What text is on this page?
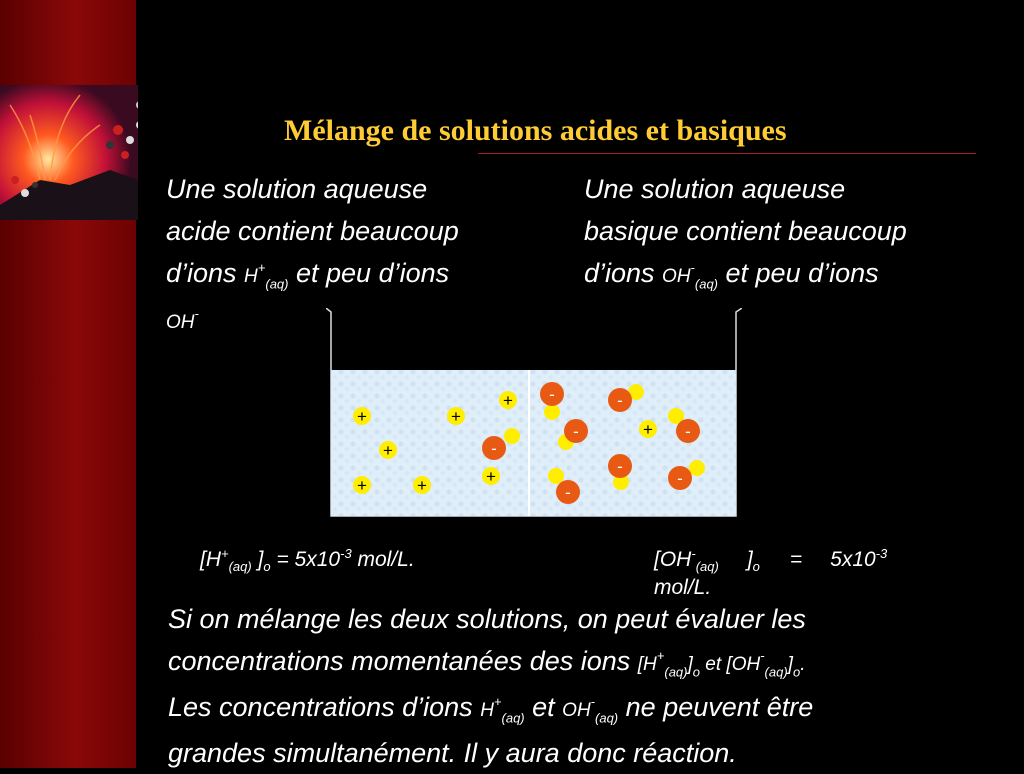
Mélange de solutions acides et basiques
Une solution aqueuse
acide contient beaucoup
d’ions $H^+_{(aq)}$ et peu d’ions
OH-
Une solution aqueuse
basique contient beaucoup
d’ions $OH^-_{(aq)}$ et peu d’ions
+	+
+
+	+
+
+
+
-	-
-
-
-
-
-
-
[$H^+_{(aq)}$ ]$_o = 5x10^{-3}$ mol/L.	[$OH^-_{(aq)}$ ]$_o = 5x10^{-3}$
mol/L.
Si on mélange les deux solutions, on peut évaluer les
concentrations momentanées des ions $[H^+_{(aq)}]_o$ et $[OH^-_{(aq)}]_o$.
Les concentrations d’ions $H^+_{(aq)}$ et $OH^-_{(aq)}$ ne peuvent être
grandes simultanément. Il y aura donc réaction.
